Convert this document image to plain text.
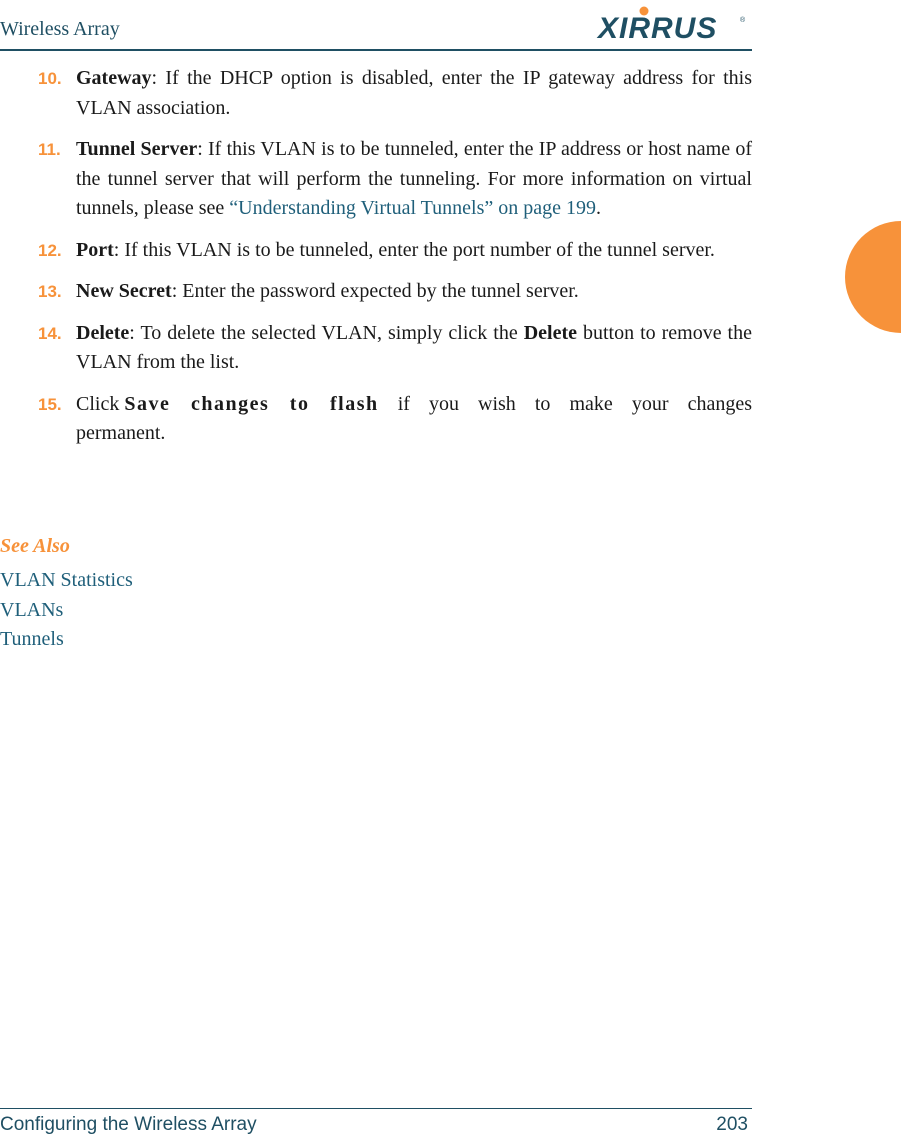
Wireless Array	XIRRUS	®
10 . Gateway: If the DHCP option is disabled, enter the IP gateway address for this VLAN association.
11 . Tunnel Server: If this VLAN is to be tunneled, enter the IP address or host name of the tunnel server that will perform the tunneling. For more information on virtual tunnels, please see “Understanding Virtual Tunnels” on page 199.
12 . Port: If this VLAN is to be tunneled, enter the port number of the tunnel server.
13 . New Secret: Enter the password expected by the tunnel server.
14 . Delete: To delete the selected VLAN, simply click the Delete button to remove the VLAN from the list.
15 . Click Save changes to flash if you wish to make your changes permanent.
See Also
VLAN Statistics
VLANs
Tunnels
Configuring the Wireless Array	203
